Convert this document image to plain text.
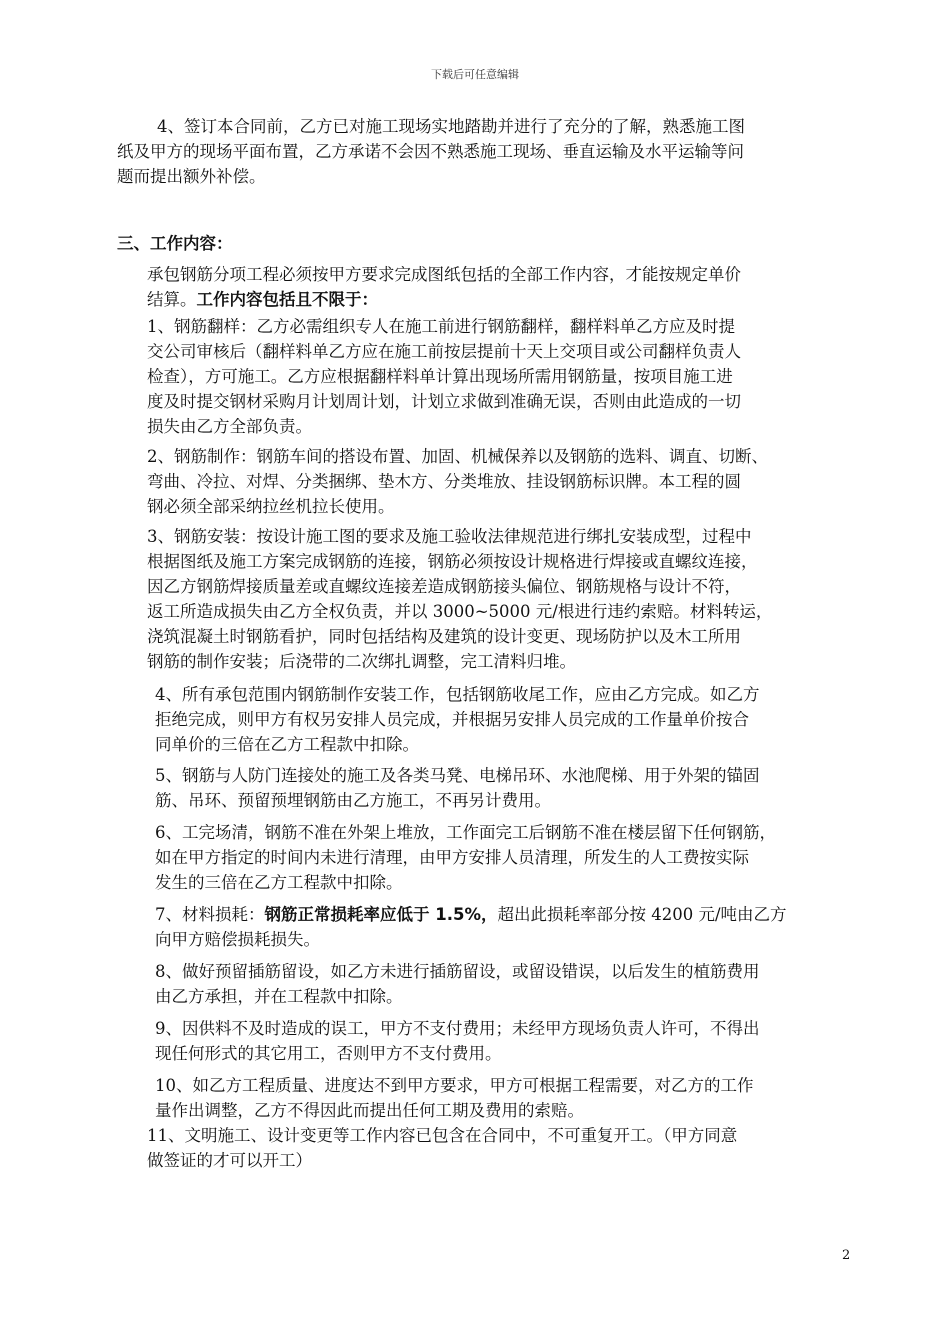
下载后可任意编辑
4、签订本合同前，乙方已对施工现场实地踏勘并进行了充分的了解，熟悉施工图
纸及甲方的现场平面布置，乙方承诺不会因不熟悉施工现场、垂直运输及水平运输等问
题而提出额外补偿。
三、工作内容：
承包钢筋分项工程必须按甲方要求完成图纸包括的全部工作内容，才能按规定单价
结算。工作内容包括且不限于：
1、钢筋翻样：乙方必需组织专人在施工前进行钢筋翻样，翻样料单乙方应及时提
交公司审核后（翻样料单乙方应在施工前按层提前十天上交项目或公司翻样负责人
检查），方可施工。乙方应根据翻样料单计算出现场所需用钢筋量，按项目施工进
度及时提交钢材采购月计划周计划，计划立求做到准确无误，否则由此造成的一切
损失由乙方全部负责。
2、钢筋制作：钢筋车间的搭设布置、加固、机械保养以及钢筋的选料、调直、切断、
弯曲、冷拉、对焊、分类捆绑、垫木方、分类堆放、挂设钢筋标识牌。本工程的圆
钢必须全部采纳拉丝机拉长使用。
3、钢筋安装：按设计施工图的要求及施工验收法律规范进行绑扎安装成型，过程中
根据图纸及施工方案完成钢筋的连接，钢筋必须按设计规格进行焊接或直螺纹连接，
因乙方钢筋焊接质量差或直螺纹连接差造成钢筋接头偏位、钢筋规格与设计不符，
返工所造成损失由乙方全权负责，并以 3000~5000 元/根进行违约索赔。材料转运，
浇筑混凝土时钢筋看护，同时包括结构及建筑的设计变更、现场防护以及木工所用
钢筋的制作安装；后浇带的二次绑扎调整，完工清料归堆。
4、所有承包范围内钢筋制作安装工作，包括钢筋收尾工作，应由乙方完成。如乙方
拒绝完成，则甲方有权另安排人员完成，并根据另安排人员完成的工作量单价按合
同单价的三倍在乙方工程款中扣除。
5、钢筋与人防门连接处的施工及各类马凳、电梯吊环、水池爬梯、用于外架的锚固
筋、吊环、预留预埋钢筋由乙方施工，不再另计费用。
6、工完场清，钢筋不准在外架上堆放，工作面完工后钢筋不准在楼层留下任何钢筋，
如在甲方指定的时间内未进行清理，由甲方安排人员清理，所发生的人工费按实际
发生的三倍在乙方工程款中扣除。
7、材料损耗：钢筋正常损耗率应低于 1.5%，超出此损耗率部分按 4200 元/吨由乙方
向甲方赔偿损耗损失。
8、做好预留插筋留设，如乙方未进行插筋留设，或留设错误，以后发生的植筋费用
由乙方承担，并在工程款中扣除。
9、因供料不及时造成的误工，甲方不支付费用；未经甲方现场负责人许可，不得出
现任何形式的其它用工，否则甲方不支付费用。
10、如乙方工程质量、进度达不到甲方要求，甲方可根据工程需要，对乙方的工作
量作出调整，乙方不得因此而提出任何工期及费用的索赔。
11、文明施工、设计变更等工作内容已包含在合同中，不可重复开工。（甲方同意
做签证的才可以开工）
2
